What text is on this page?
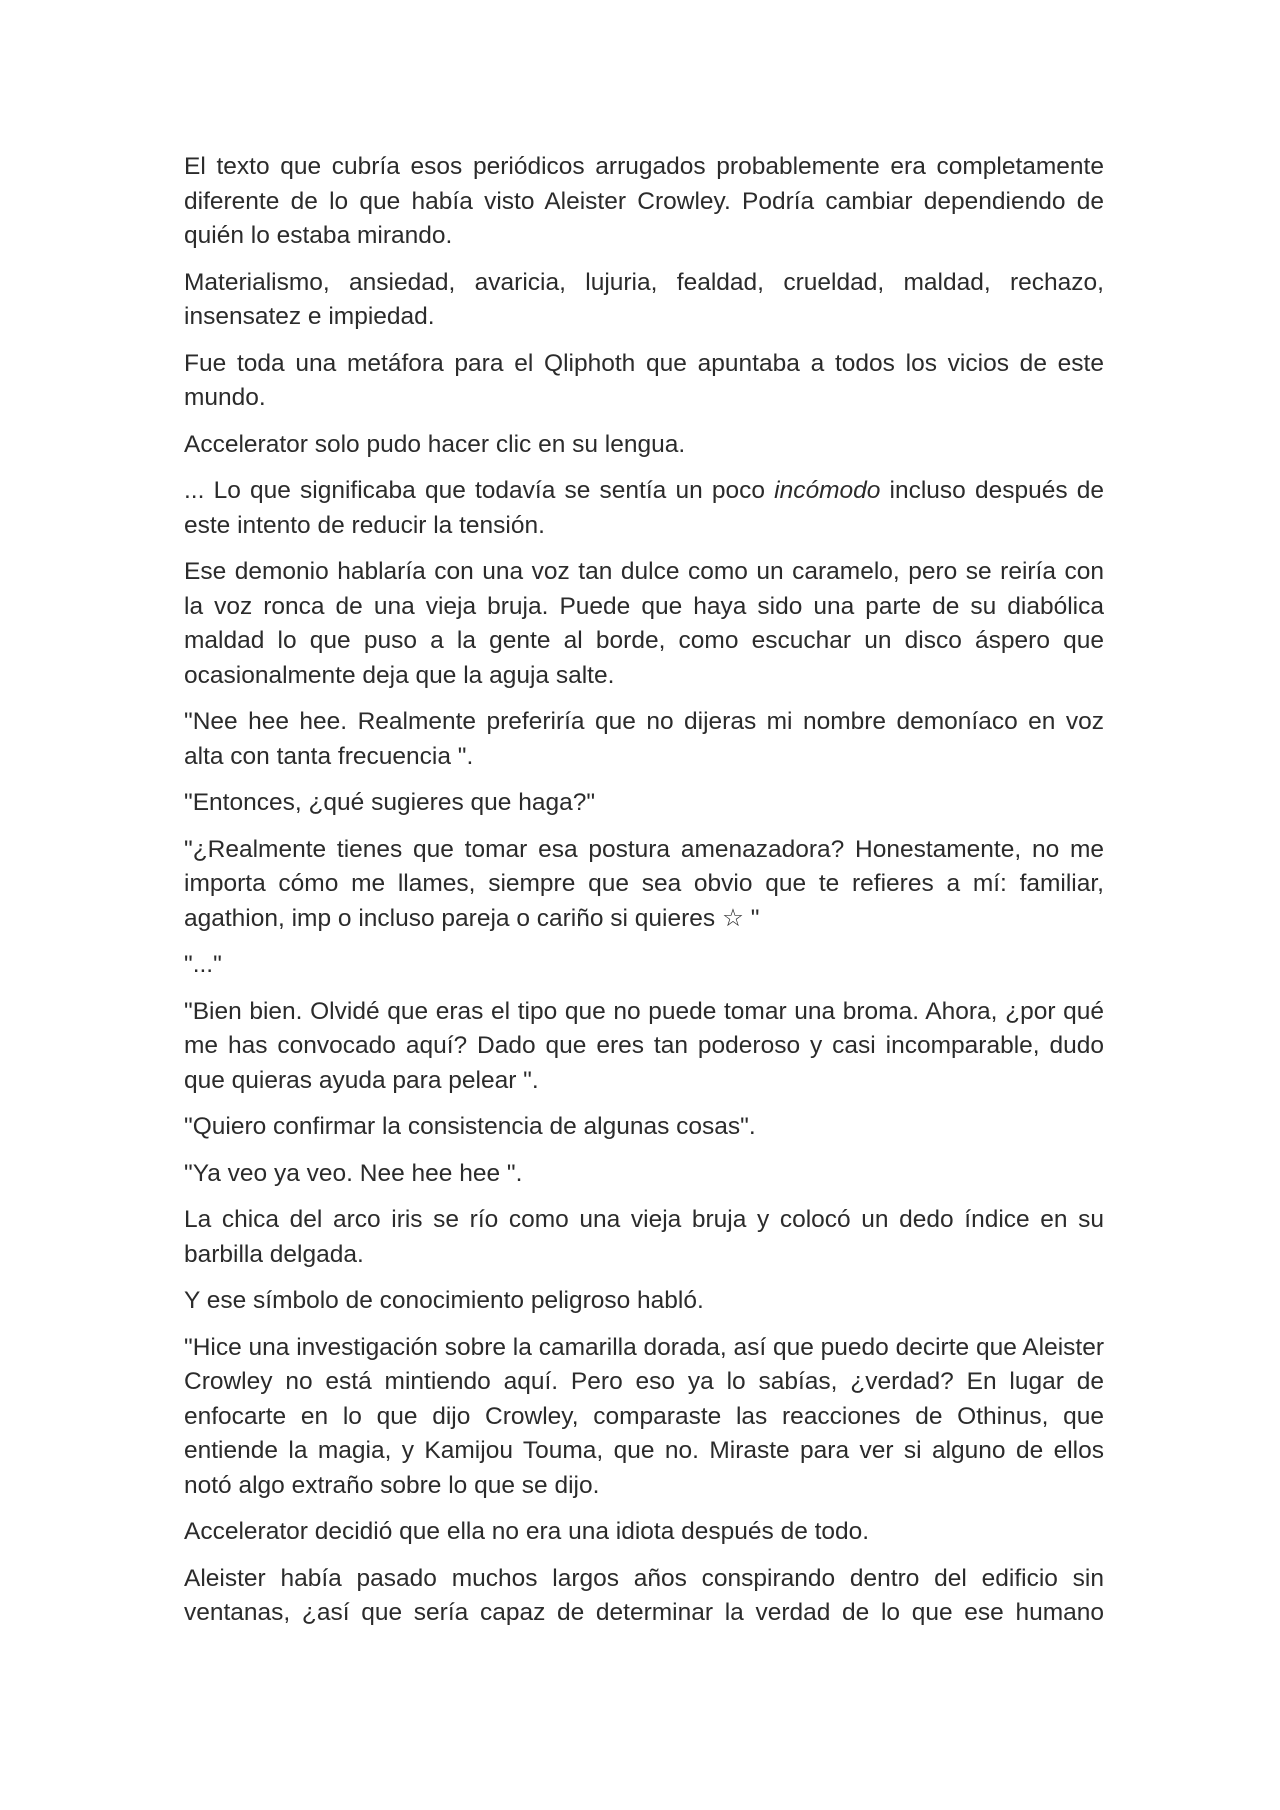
El texto que cubría esos periódicos arrugados probablemente era completamente diferente de lo que había visto Aleister Crowley. Podría cambiar dependiendo de quién lo estaba mirando.

Materialismo, ansiedad, avaricia, lujuria, fealdad, crueldad, maldad, rechazo, insensatez e impiedad.

Fue toda una metáfora para el Qliphoth que apuntaba a todos los vicios de este mundo.

Accelerator solo pudo hacer clic en su lengua.

... Lo que significaba que todavía se sentía un poco incómodo incluso después de este intento de reducir la tensión.

Ese demonio hablaría con una voz tan dulce como un caramelo, pero se reiría con la voz ronca de una vieja bruja. Puede que haya sido una parte de su diabólica maldad lo que puso a la gente al borde, como escuchar un disco áspero que ocasionalmente deja que la aguja salte.

"Nee hee hee. Realmente preferiría que no dijeras mi nombre demoníaco en voz alta con tanta frecuencia ".

"Entonces, ¿qué sugieres que haga?"

"¿Realmente tienes que tomar esa postura amenazadora? Honestamente, no me importa cómo me llames, siempre que sea obvio que te refieres a mí: familiar, agathion, imp o incluso pareja o cariño si quieres ☆ "

"..."

"Bien bien. Olvidé que eras el tipo que no puede tomar una broma. Ahora, ¿por qué me has convocado aquí? Dado que eres tan poderoso y casi incomparable, dudo que quieras ayuda para pelear ".

"Quiero confirmar la consistencia de algunas cosas".

"Ya veo ya veo. Nee hee hee ".

La chica del arco iris se río como una vieja bruja y colocó un dedo índice en su barbilla delgada.

Y ese símbolo de conocimiento peligroso habló.

"Hice una investigación sobre la camarilla dorada, así que puedo decirte que Aleister Crowley no está mintiendo aquí. Pero eso ya lo sabías, ¿verdad? En lugar de enfocarte en lo que dijo Crowley, comparaste las reacciones de Othinus, que entiende la magia, y Kamijou Touma, que no. Miraste para ver si alguno de ellos notó algo extraño sobre lo que se dijo.

Accelerator decidió que ella no era una idiota después de todo.

Aleister había pasado muchos largos años conspirando dentro del edificio sin ventanas, ¿así que sería capaz de determinar la verdad de lo que ese humano
